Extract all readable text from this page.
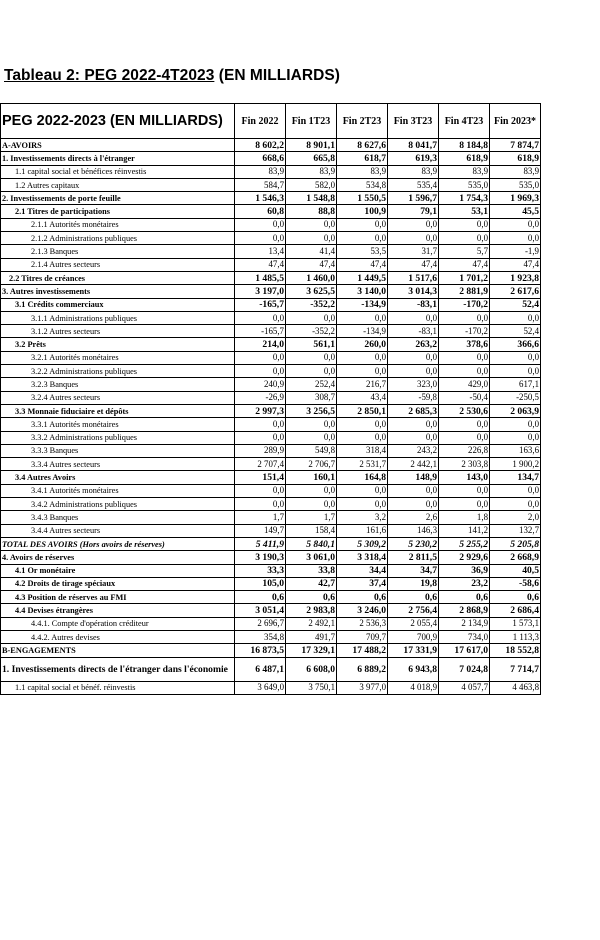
Tableau 2: PEG 2022-4T2023 (EN MILLIARDS)
PEG 2022-2023 (EN MILLIARDS)	Fin 2022	Fin 1T23	Fin 2T23	Fin 3T23	Fin 4T23	Fin 2023*
A-AVOIRS	8 602,2	8 901,1	8 627,6	8 041,7	8 184,8	7 874,7
1. Investissements directs à l'étranger	668,6	665,8	618,7	619,3	618,9	618,9
1.1 capital social et bénéfices réinvestis	83,9	83,9	83,9	83,9	83,9	83,9
1.2 Autres capitaux	584,7	582,0	534,8	535,4	535,0	535,0
2. Investissements de porte feuille	1 546,3	1 548,8	1 550,5	1 596,7	1 754,3	1 969,3
2.1 Titres de participations	60,8	88,8	100,9	79,1	53,1	45,5
2.1.1 Autorités monétaires	0,0	0,0	0,0	0,0	0,0	0,0
2.1.2 Administrations publiques	0,0	0,0	0,0	0,0	0,0	0,0
2.1.3 Banques	13,4	41,4	53,5	31,7	5,7	-1,9
2.1.4 Autres secteurs	47,4	47,4	47,4	47,4	47,4	47,4
2.2 Titres de créances	1 485,5	1 460,0	1 449,5	1 517,6	1 701,2	1 923,8
3. Autres investissements	3 197,0	3 625,5	3 140,0	3 014,3	2 881,9	2 617,6
3.1 Crédits commerciaux	-165,7	-352,2	-134,9	-83,1	-170,2	52,4
3.1.1 Administrations publiques	0,0	0,0	0,0	0,0	0,0	0,0
3.1.2 Autres secteurs	-165,7	-352,2	-134,9	-83,1	-170,2	52,4
3.2 Prêts	214,0	561,1	260,0	263,2	378,6	366,6
3.2.1 Autorités monétaires	0,0	0,0	0,0	0,0	0,0	0,0
3.2.2 Administrations publiques	0,0	0,0	0,0	0,0	0,0	0,0
3.2.3 Banques	240,9	252,4	216,7	323,0	429,0	617,1
3.2.4 Autres secteurs	-26,9	308,7	43,4	-59,8	-50,4	-250,5
3.3 Monnaie fiduciaire et dépôts	2 997,3	3 256,5	2 850,1	2 685,3	2 530,6	2 063,9
3.3.1 Autorités monétaires	0,0	0,0	0,0	0,0	0,0	0,0
3.3.2 Administrations publiques	0,0	0,0	0,0	0,0	0,0	0,0
3.3.3 Banques	289,9	549,8	318,4	243,2	226,8	163,6
3.3.4 Autres secteurs	2 707,4	2 706,7	2 531,7	2 442,1	2 303,8	1 900,2
3.4 Autres Avoirs	151,4	160,1	164,8	148,9	143,0	134,7
3.4.1 Autorités monétaires	0,0	0,0	0,0	0,0	0,0	0,0
3.4.2 Administrations publiques	0,0	0,0	0,0	0,0	0,0	0,0
3.4.3 Banques	1,7	1,7	3,2	2,6	1,8	2,0
3.4.4 Autres secteurs	149,7	158,4	161,6	146,3	141,2	132,7
TOTAL DES AVOIRS (Hors avoirs de réserves)	5 411,9	5 840,1	5 309,2	5 230,2	5 255,2	5 205,8
4. Avoirs de réserves	3 190,3	3 061,0	3 318,4	2 811,5	2 929,6	2 668,9
4.1 Or monétaire	33,3	33,8	34,4	34,7	36,9	40,5
4.2 Droits de tirage spéciaux	105,0	42,7	37,4	19,8	23,2	-58,6
4.3 Position de réserves au FMI	0,6	0,6	0,6	0,6	0,6	0,6
4.4 Devises étrangères	3 051,4	2 983,8	3 246,0	2 756,4	2 868,9	2 686,4
4.4.1. Compte d'opération créditeur	2 696,7	2 492,1	2 536,3	2 055,4	2 134,9	1 573,1
4.4.2. Autres devises	354,8	491,7	709,7	700,9	734,0	1 113,3
B-ENGAGEMENTS	16 873,5	17 329,1	17 488,2	17 331,9	17 617,0	18 552,8
1. Investissements directs de l'étranger dans l'économie	6 487,1	6 608,0	6 889,2	6 943,8	7 024,8	7 714,7
1.1 capital social et bénéf. réinvestis	3 649,0	3 750,1	3 977,0	4 018,9	4 057,7	4 463,8
